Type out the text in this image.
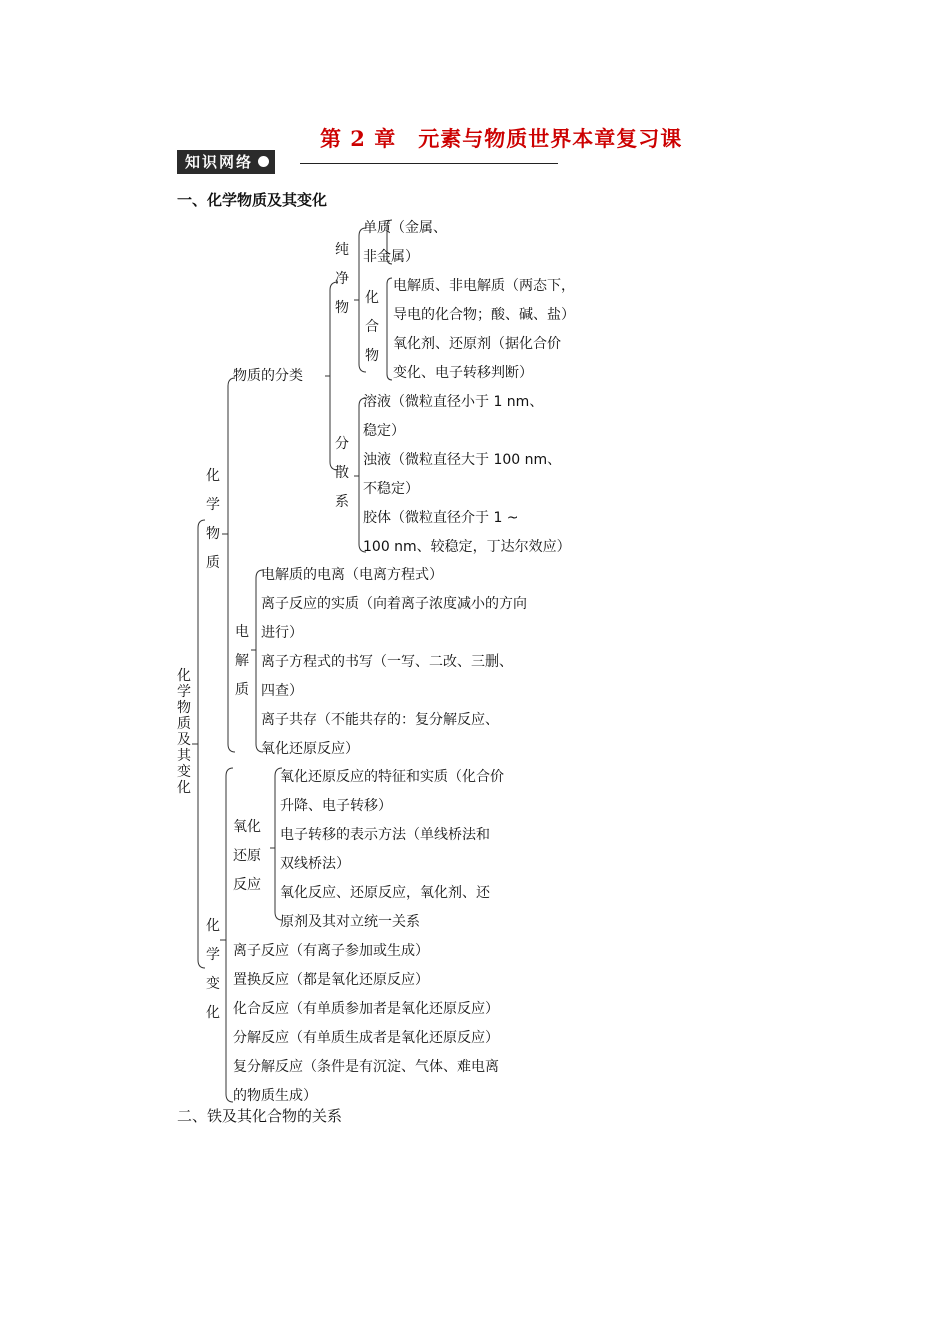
第 2 章　元素与物质世界本章复习课
知识网络
一、化学物质及其变化
化学物质及其变化
化学物质
物质的分类
纯净物
化合物
分散系
电解质
氧化还原反应
化学变化
单质（金属、
非金属）
电解质、非电解质（两态下，
导电的化合物；酸、碱、盐）
氧化剂、还原剂（据化合价
变化、电子转移判断）
溶液（微粒直径小于 1 nm、
稳定）
浊液（微粒直径大于 100 nm、
不稳定）
胶体（微粒直径介于 1 ~
100 nm、较稳定，丁达尔效应）
电解质的电离（电离方程式）
离子反应的实质（向着离子浓度减小的方向
进行）
离子方程式的书写（一写、二改、三删、
四查）
离子共存（不能共存的：复分解反应、
氧化还原反应）
氧化还原反应的特征和实质（化合价
升降、电子转移）
电子转移的表示方法（单线桥法和
双线桥法）
氧化反应、还原反应，氧化剂、还
原剂及其对立统一关系
离子反应（有离子参加或生成）
置换反应（都是氧化还原反应）
化合反应（有单质参加者是氧化还原反应）
分解反应（有单质生成者是氧化还原反应）
复分解反应（条件是有沉淀、气体、难电离
的物质生成）
二、铁及其化合物的关系
